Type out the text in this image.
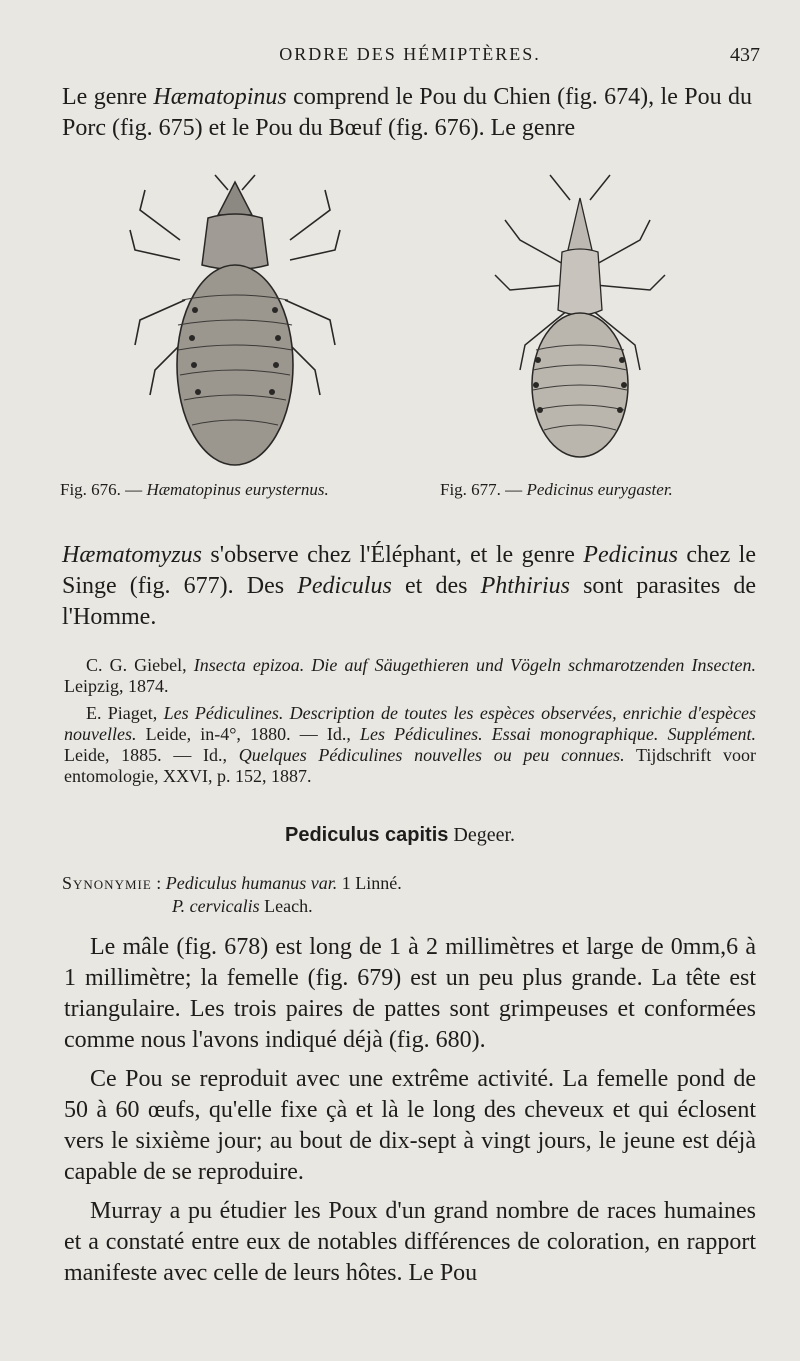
ORDRE DES HÉMIPTÈRES.	437
Le genre Hæmatopinus comprend le Pou du Chien (fig. 674), le Pou du Porc (fig. 675) et le Pou du Bœuf (fig. 676). Le genre
Fig. 676. — Hæmatopinus eurysternus.	Fig. 677. — Pedicinus eurygaster.
Hæmatomyzus s'observe chez l'Éléphant, et le genre Pedicinus chez le Singe (fig. 677). Des Pediculus et des Phthirius sont parasites de l'Homme.

C. G. Giebel, Insecta epizoa. Die auf Säugethieren und Vögeln schmarotzenden Insecten. Leipzig, 1874.

E. Piaget, Les Pédiculines. Description de toutes les espèces observées, enrichie d'espèces nouvelles. Leide, in-4°, 1880. — Id., Les Pédiculines. Essai monographique. Supplément. Leide, 1885. — Id., Quelques Pédiculines nouvelles ou peu connues. Tijdschrift voor entomologie, XXVI, p. 152, 1887.

Pediculus capitis Degeer.
Synonymie : Pediculus humanus var. 1 Linné.
P. cervicalis Leach.

Le mâle (fig. 678) est long de 1 à 2 millimètres et large de 0mm,6 à 1 millimètre; la femelle (fig. 679) est un peu plus grande. La tête est triangulaire. Les trois paires de pattes sont grimpeuses et conformées comme nous l'avons indiqué déjà (fig. 680).

Ce Pou se reproduit avec une extrême activité. La femelle pond de 50 à 60 œufs, qu'elle fixe çà et là le long des cheveux et qui éclosent vers le sixième jour; au bout de dix-sept à vingt jours, le jeune est déjà capable de se reproduire.

Murray a pu étudier les Poux d'un grand nombre de races humaines et a constaté entre eux de notables différences de coloration, en rapport manifeste avec celle de leurs hôtes. Le Pou
